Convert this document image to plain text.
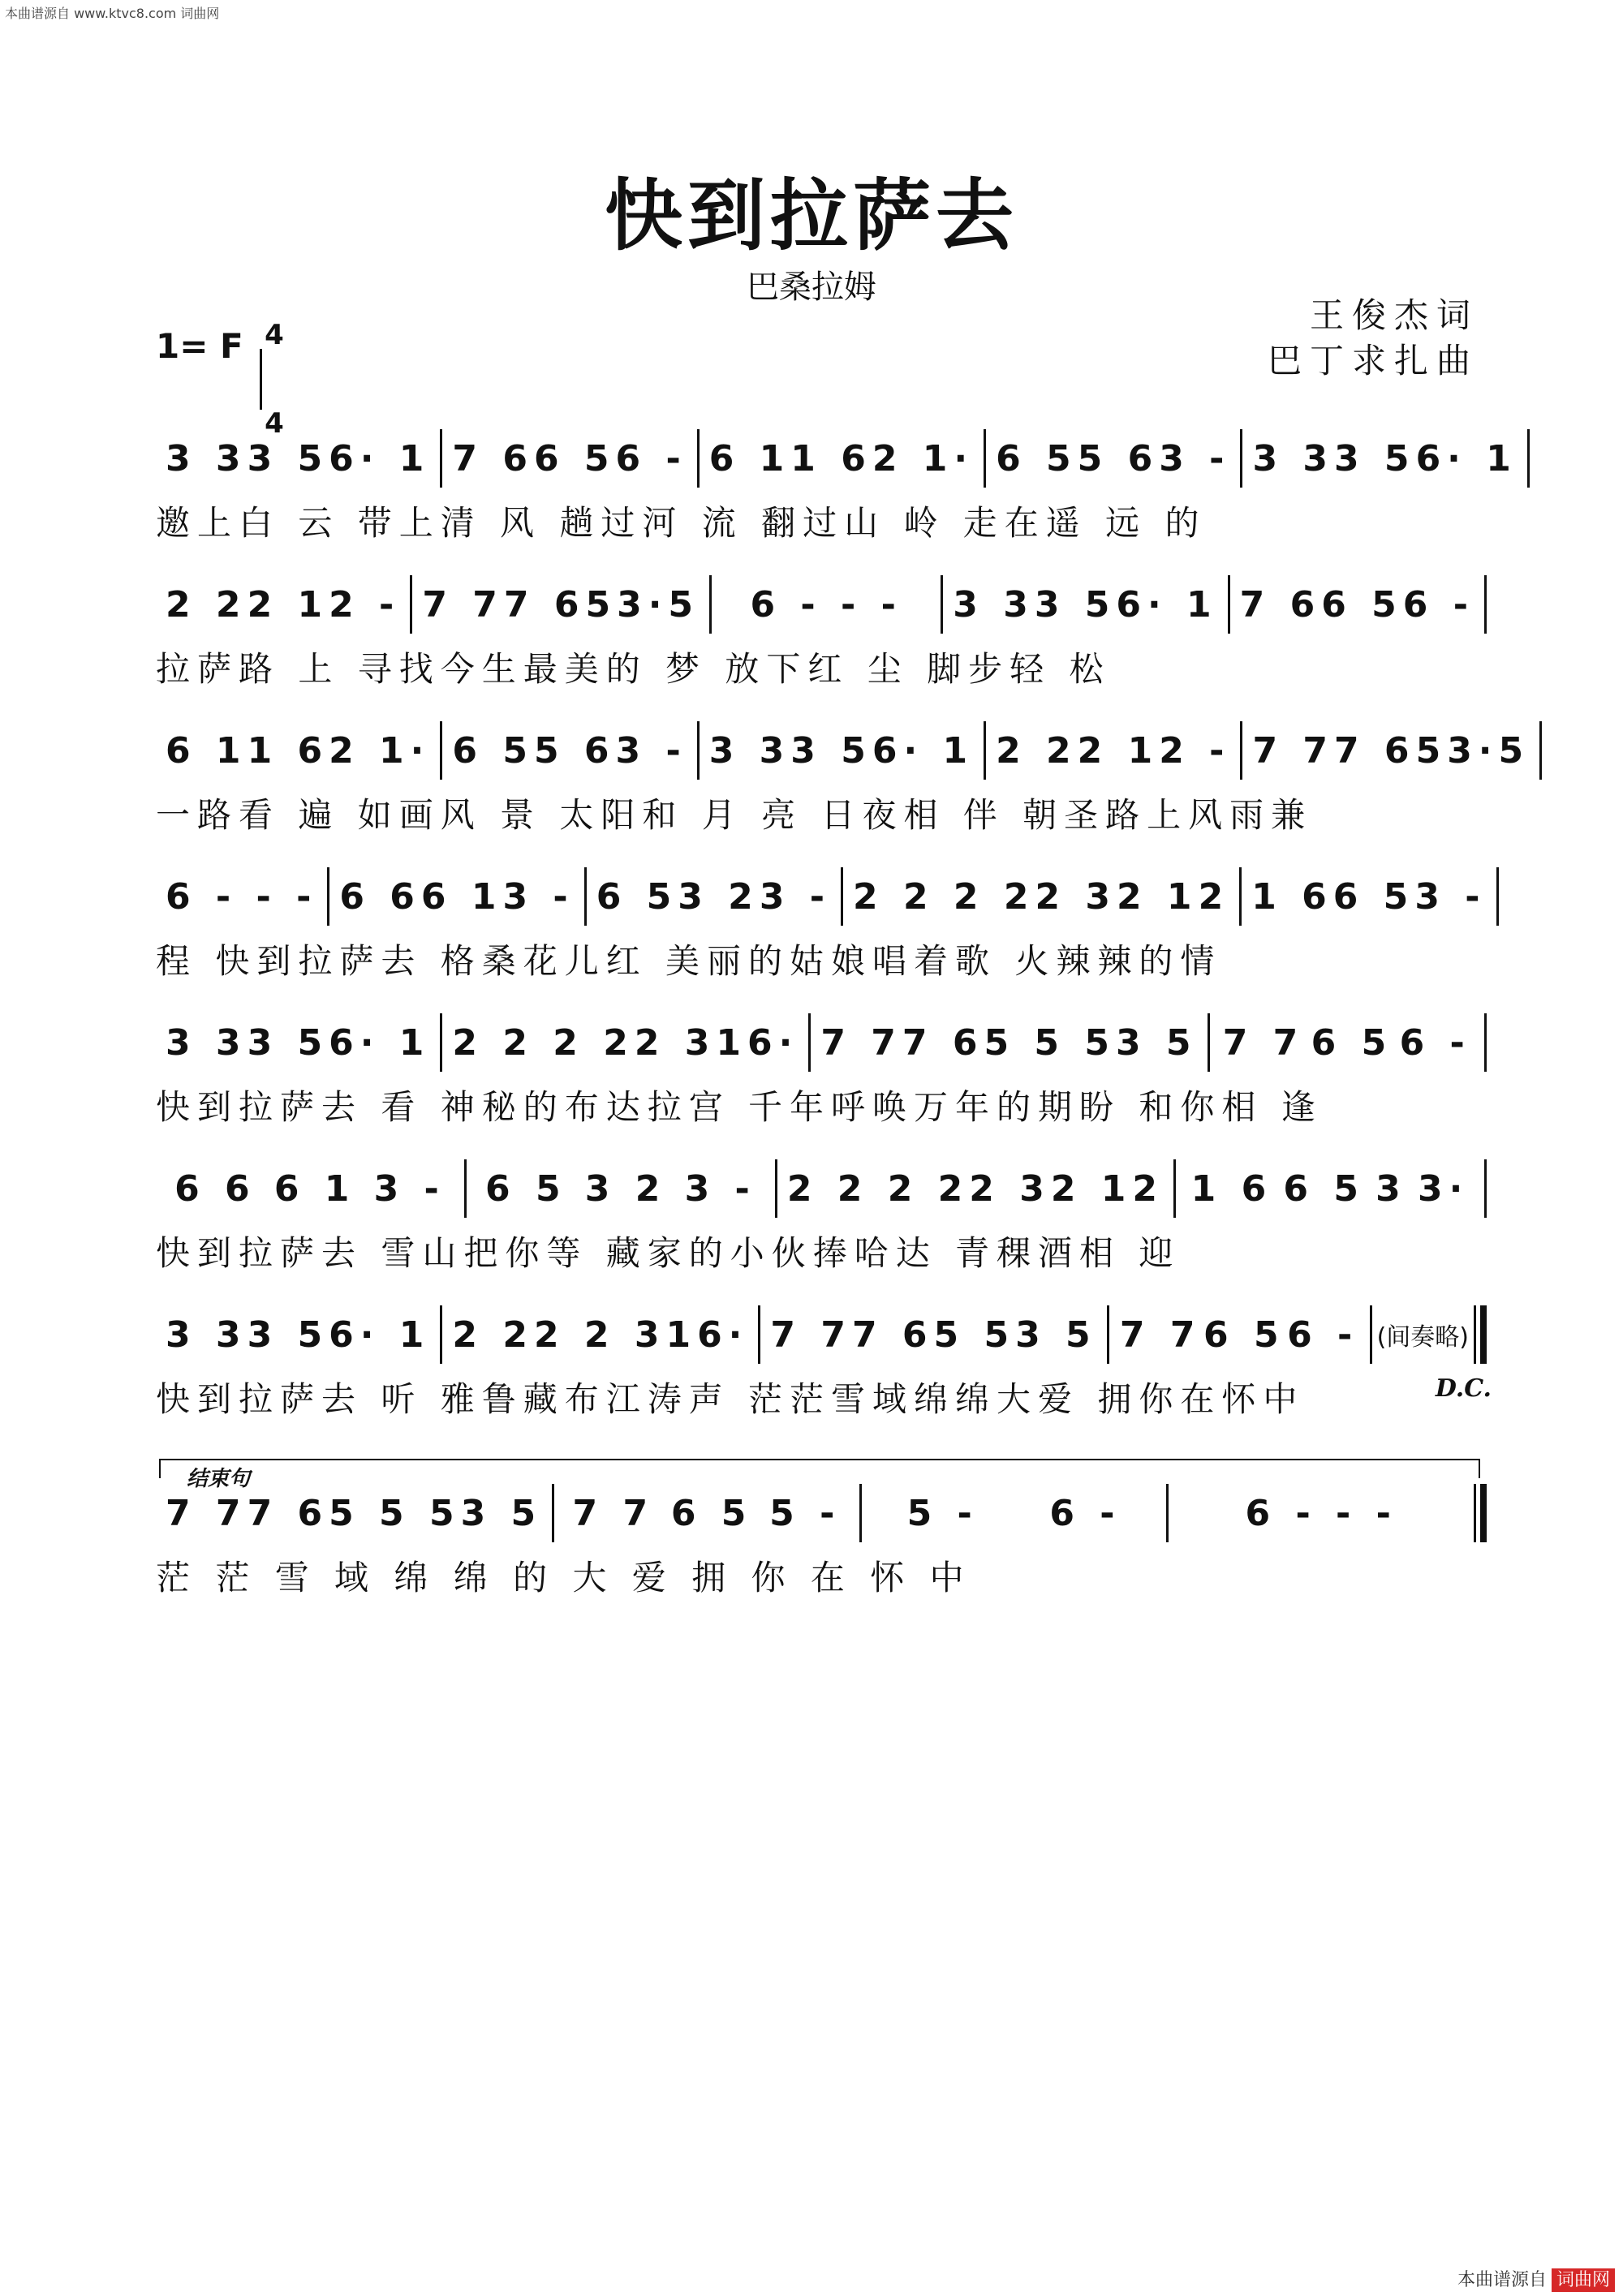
本曲谱源自 www.ktvc8.com 词曲网
快到拉萨去
巴桑拉姆
王俊杰词
巴丁求扎曲
1= F 4
4
3 3 3 5 6· 1 7 6 6 5 6 - 6 1 1 6 2 1· 6 5 5 6 3 - 3 3 3 5 6· 1
邀上白 云 带上清 风 趟过河 流 翻过山 岭 走在遥 远 的
2 2 2 1 2 - 7 7 7 6 5 3·5 6 - - - 3 3 3 5 6· 1 7 6 6 5 6 -
拉萨路 上 寻找今生最美的 梦 放下红 尘 脚步轻 松
6 1 1 6 2 1· 6 5 5 6 3 - 3 3 3 5 6· 1 2 2 2 1 2 - 7 7 7 6 5 3·5
一路看 遍 如画风 景 太阳和 月 亮 日夜相 伴 朝圣路上风雨兼
6 - - - 6 6 6 1 3 - 6 5 3 2 3 - 2 2 2 2 2 3 2 1 2 1 6 6 5 3 -
程 快到拉萨去 格桑花儿红 美丽的姑娘唱着歌 火辣辣的情
3 3 3 5 6· 1 2 2 2 2 2 3 1 6· 7 7 7 6 5 5 5 3 5 7 7 6 5 6 -
快到拉萨去 看 神秘的布达拉宫 千年呼唤万年的期盼 和你相 逢
6 6 6 1 3 - 6 5 3 2 3 - 2 2 2 2 2 3 2 1 2 1 6 6 5 3 3·
快到拉萨去 雪山把你等 藏家的小伙捧哈达 青稞酒相 迎
3 3 3 5 6· 1 2 2 2 2 3 1 6· 7 7 7 6 5 5 3 5 7 7 6 5 6 - (间奏略)
快到拉萨去 听 雅鲁藏布江涛声 茫茫雪域绵绵大爱 拥你在怀中
7 7 7 6 5 5 5 3 5 7 7 6 5 5 - 5 - 6 -	6 - - -
茫 茫 雪 域 绵 绵 的 大 爱 拥 你 在 怀 中
D.C.
结束句
本曲谱源自 词曲网
